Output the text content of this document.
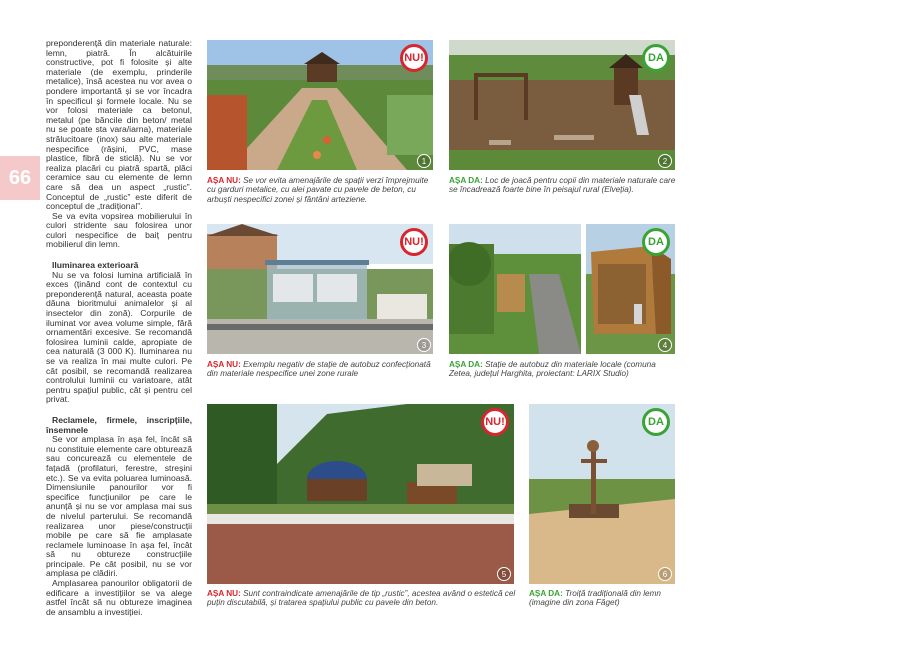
66

preponderență din materiale naturale: lemn, piatră. În alcătuirile constructive, pot fi folosite și alte materiale (de exemplu, prinderile metalice), însă acestea nu vor avea o pondere importantă și se vor încadra în specificul și formele locale. Nu se vor folosi materiale ca betonul, metalul (pe băncile din beton/ metal nu se poate sta vara/iarna), materiale strălucitoare (inox) sau alte materiale nespecifice (rășini, PVC, mase plastice, fibră de sticlă). Nu se vor realiza placări cu piatră spartă, plăci ceramice sau cu elemente de lemn care să dea un aspect „rustic”. Conceptul de „rustic” este diferit de conceptul de „tradițional”.

Se va evita vopsirea mobilierului în culori stridente sau folosirea unor culori nespecifice de baiț pentru mobilierul din lemn.

Iluminarea exterioară

Nu se va folosi lumina artificială în exces (ținând cont de contextul cu preponderență natural, aceasta poate dăuna bioritmului animalelor și al insectelor din zonă). Corpurile de iluminat vor avea volume simple, fără ornamentări excesive. Se recomandă folosirea luminii calde, apropiate de cea naturală (3 000 K). Iluminarea nu se va realiza în mai multe culori. Pe cât posibil, se recomandă realizarea controlului luminii cu variatoare, atât pentru spațiul public, cât și pentru cel privat.

Reclamele, firmele, inscripțiile, însemnele

Se vor amplasa în așa fel, încât să nu constituie elemente care obturează sau concurează cu elementele de fațadă (profilaturi, ferestre, streșini etc.). Se va evita poluarea luminoasă. Dimensiunile panourilor vor fi specifice funcțiunilor pe care le anunță și nu se vor amplasa mai sus de nivelul parterului. Se recomandă realizarea unor piese/construcții mobile pe care să fie amplasate reclamele luminoase în așa fel, încât să nu obtureze construcțiile principale. Pe cât posibil, nu se vor amplasa pe clădiri.

Amplasarea panourilor obligatorii de edificare a investițiilor se va alege astfel încât să nu obtureze imaginea de ansamblu a investiției.

NU!
1
AȘA NU: Se vor evita amenajările de spații verzi împrejmuite cu garduri metalice, cu alei pavate cu pavele de beton, cu arbuști nespecifici zonei și fântâni arteziene.
DA
2
AȘA DA: Loc de joacă pentru copii din materiale naturale care se încadrează foarte bine în peisajul rural (Elveția).
NU!
3
AȘA NU: Exemplu negativ de stație de autobuz confecționată din materiale nespecifice unei zone rurale
DA
4
AȘA DA: Stație de autobuz din materiale locale (comuna Zetea, județul Harghita, proiectant: LARIX Studio)
NU!
5
AȘA NU: Sunt contraindicate amenajările de tip „rustic”, acestea având o estetică cel puțin discutabilă, și tratarea spațiului public cu pavele din beton.
DA
6
AȘA DA: Troiță tradițională din lemn (imagine din zona Făget)
